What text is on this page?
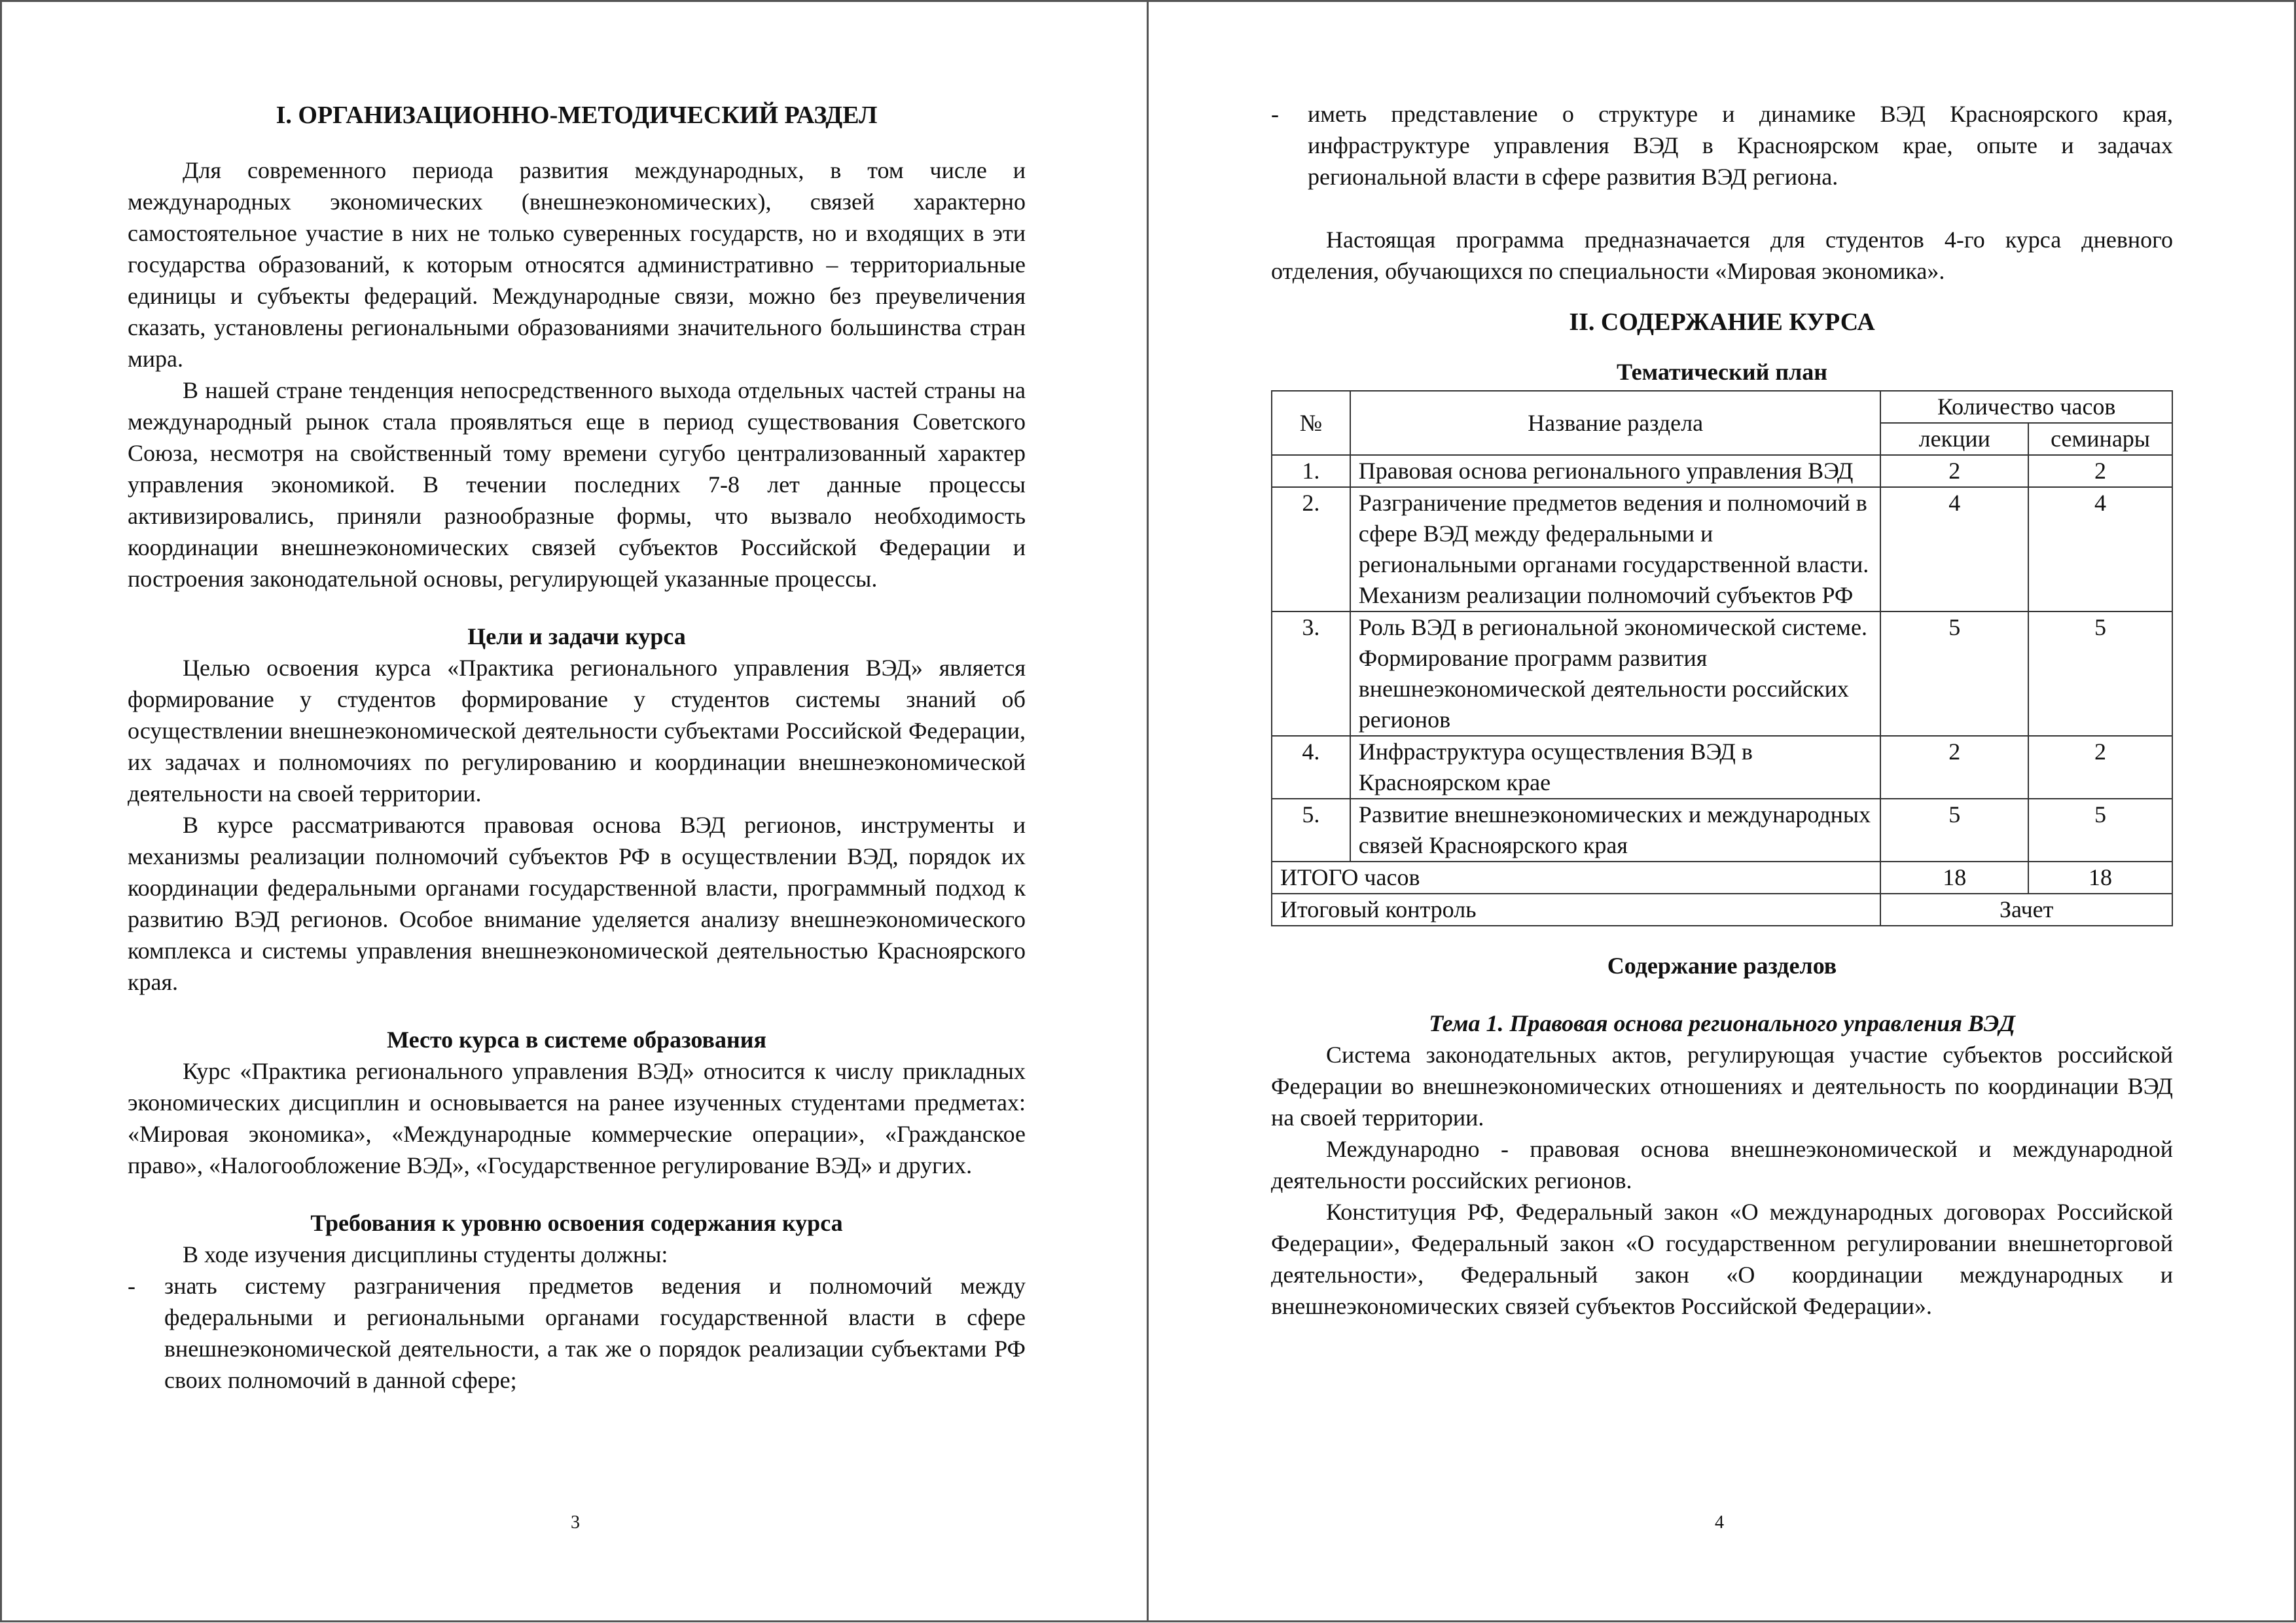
I. ОРГАНИЗАЦИОННО-МЕТОДИЧЕСКИЙ РАЗДЕЛ

Для современного периода развития международных, в том числе и международных экономических (внешнеэкономических), связей характерно самостоятельное участие в них не только суверенных государств, но и входящих в эти государства образований, к которым относятся административно – территориальные единицы и субъекты федераций. Международные связи, можно без преувеличения сказать, установлены региональными образованиями значительного большинства стран мира.

В нашей стране тенденция непосредственного выхода отдельных частей страны на международный рынок стала проявляться еще в период существования Советского Союза, несмотря на свойственный тому времени сугубо централизованный характер управления экономикой. В течении последних 7-8 лет данные процессы активизировались, приняли разнообразные формы, что вызвало необходимость координации внешнеэкономических связей субъектов Российской Федерации и построения законодательной основы, регулирующей указанные процессы.

Цели и задачи курса

Целью освоения курса «Практика регионального управления ВЭД» является формирование у студентов формирование у студентов системы знаний об осуществлении внешнеэкономической деятельности субъектами Российской Федерации, их задачах и полномочиях по регулированию и координации внешнеэкономической деятельности на своей территории.

В курсе рассматриваются правовая основа ВЭД регионов, инструменты и механизмы реализации полномочий субъектов РФ в осуществлении ВЭД, порядок их координации федеральными органами государственной власти, программный подход к развитию ВЭД регионов. Особое внимание уделяется анализу внешнеэкономического комплекса и системы управления внешнеэкономической деятельностью Красноярского края.

Место курса в системе образования

Курс «Практика регионального управления ВЭД» относится к числу прикладных экономических дисциплин и основывается на ранее изученных студентами предметах: «Мировая экономика», «Международные коммерческие операции», «Гражданское право», «Налогообложение ВЭД», «Государственное регулирование ВЭД» и других.

Требования к уровню освоения содержания курса

В ходе изучения дисциплины студенты должны:

- знать систему разграничения предметов ведения и полномочий между федеральными и региональными органами государственной власти в сфере внешнеэкономической деятельности, а так же о порядок реализации субъектами РФ своих полномочий в данной сфере;
3
- иметь представление о структуре и динамике ВЭД Красноярского края, инфраструктуре управления ВЭД в Красноярском крае, опыте и задачах региональной власти в сфере развития ВЭД региона.

Настоящая программа предназначается для студентов 4-го курса дневного отделения, обучающихся по специальности «Мировая экономика».

II. СОДЕРЖАНИЕ КУРСА
Тематический план
№	Название раздела	Количество часов	
		лекции	семинары
1.	Правовая основа регионального управления ВЭД	2	2
2.	Разграничение предметов ведения и полномочий в сфере ВЭД между федеральными и региональными органами государственной власти. Механизм реализации полномочий субъектов РФ	4	4
3.	Роль ВЭД в региональной экономической системе.
Формирование программ развития внешнеэкономической деятельности российских регионов	5	5
4.	Инфраструктура осуществления ВЭД в Красноярском крае	2	2
5.	Развитие внешнеэкономических и международных связей Красноярского края	5	5
ИТОГО часов		18	18
Итоговый контроль		Зачет	
Содержание разделов
Тема 1. Правовая основа регионального управления ВЭД

Система законодательных актов, регулирующая участие субъектов российской Федерации во внешнеэкономических отношениях и деятельность по координации ВЭД на своей территории.

Международно - правовая основа внешнеэкономической и международной деятельности российских регионов.

Конституция РФ, Федеральный закон «О международных договорах Российской Федерации», Федеральный закон «О государственном регулировании внешнеторговой деятельности», Федеральный закон «О координации международных и внешнеэкономических связей субъектов Российской Федерации».

4
